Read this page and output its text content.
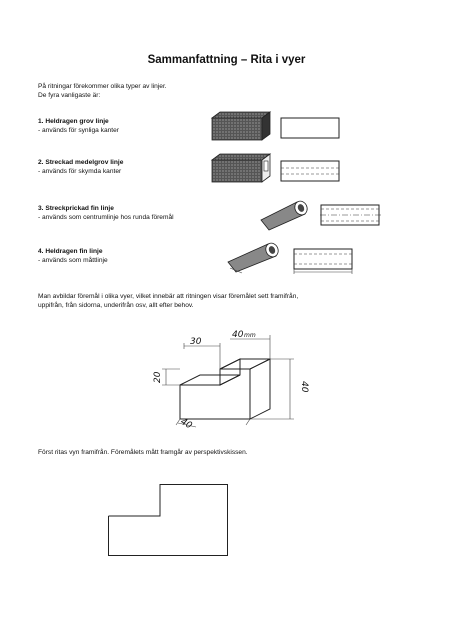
Sammanfattning – Rita i vyer
På ritningar förekommer olika typer av linjer.
De fyra vanligaste är:
1. Heldragen grov linje
- används för synliga kanter
2. Streckad medelgrov linje
- används för skymda kanter
3. Streckprickad fin linje
- används som centrumlinje hos runda föremål
4. Heldragen fin linje
- används som måttlinje
Man avbildar föremål i olika vyer, vilket innebär att ritningen visar föremålet sett framifrån,
uppifrån, från sidorna, underifrån osv, allt efter behov.
30
40 mm
20
40
40
Först ritas vyn framifrån. Föremålets mått framgår av perspektivskissen.
